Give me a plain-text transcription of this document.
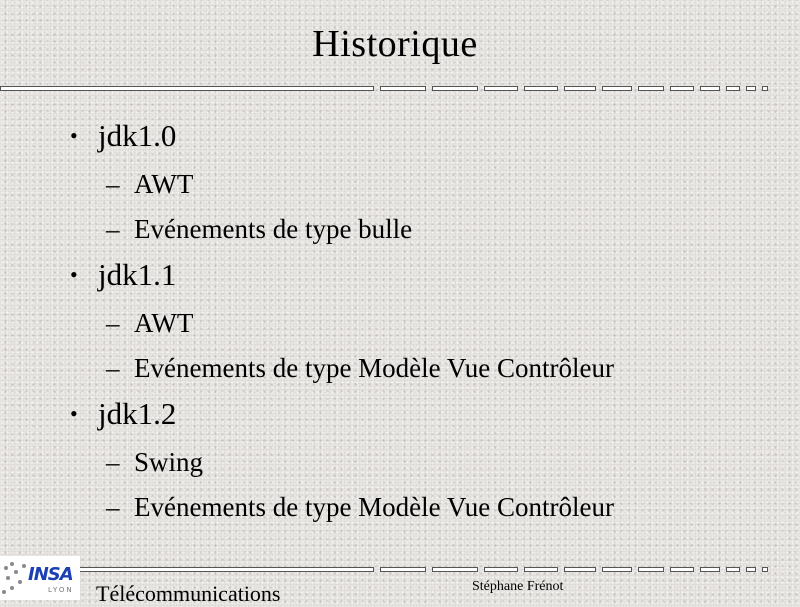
Historique
• jdk1.0
– AWT
– Evénements de type bulle
• jdk1.1
– AWT
– Evénements de type Modèle Vue Contrôleur
• jdk1.2
– Swing
– Evénements de type Modèle Vue Contrôleur
INSA
LYON Télécommunications	Stéphane Frénot
